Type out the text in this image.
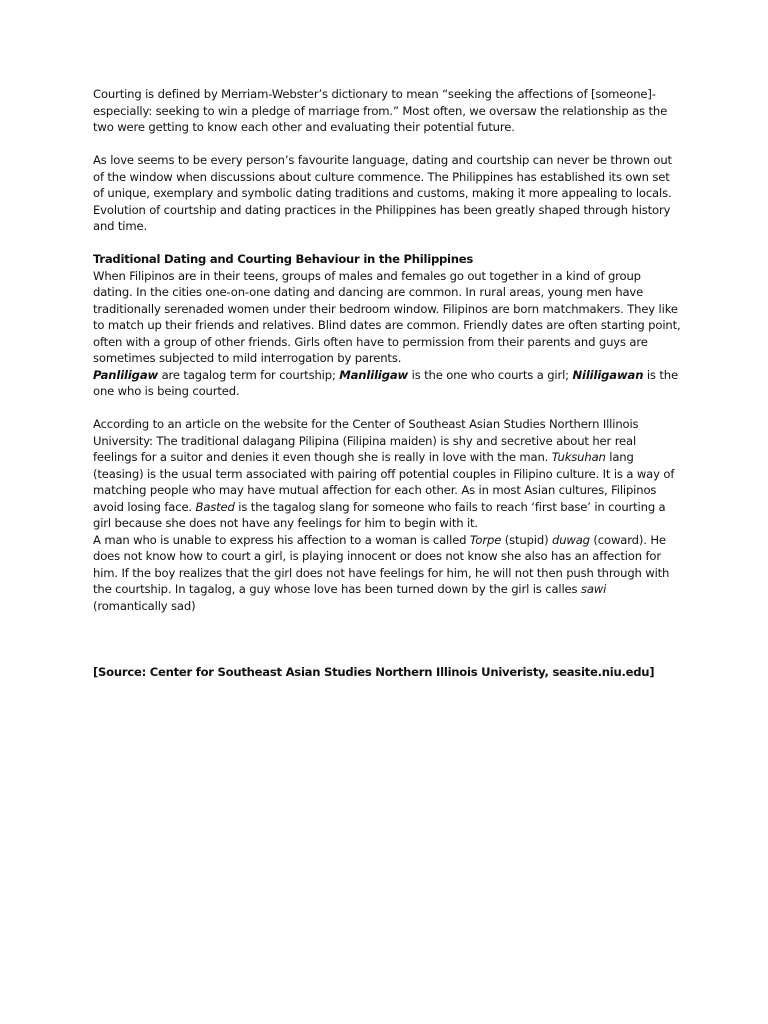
Courting is defined by Merriam-Webster’s dictionary to mean “seeking the affections of [someone]- especially: seeking to win a pledge of marriage from.” Most often, we oversaw the relationship as the two were getting to know each other and evaluating their potential future.

As love seems to be every person’s favourite language, dating and courtship can never be thrown out of the window when discussions about culture commence. The Philippines has established its own set of unique, exemplary and symbolic dating traditions and customs, making it more appealing to locals.

Evolution of courtship and dating practices in the Philippines has been greatly shaped through history and time.

Traditional Dating and Courting Behaviour in the Philippines

When Filipinos are in their teens, groups of males and females go out together in a kind of group dating. In the cities one-on-one dating and dancing are common. In rural areas, young men have traditionally serenaded women under their bedroom window. Filipinos are born matchmakers. They like to match up their friends and relatives. Blind dates are common. Friendly dates are often starting point, often with a group of other friends. Girls often have to permission from their parents and guys are sometimes subjected to mild interrogation by parents.

Panliligaw are tagalog term for courtship; Manliligaw is the one who courts a girl; Nililigawan is the one who is being courted.

According to an article on the website for the Center of Southeast Asian Studies Northern Illinois University: The traditional dalagang Pilipina (Filipina maiden) is shy and secretive about her real feelings for a suitor and denies it even though she is really in love with the man. Tuksuhan lang (teasing) is the usual term associated with pairing off potential couples in Filipino culture. It is a way of matching people who may have mutual affection for each other. As in most Asian cultures, Filipinos avoid losing face. Basted is the tagalog slang for someone who fails to reach ‘first base’ in courting a girl because she does not have any feelings for him to begin with it.

A man who is unable to express his affection to a woman is called Torpe (stupid) duwag (coward). He does not know how to court a girl, is playing innocent or does not know she also has an affection for him. If the boy realizes that the girl does not have feelings for him, he will not then push through with the courtship. In tagalog, a guy whose love has been turned down by the girl is calles sawi (romantically sad)

[Source: Center for Southeast Asian Studies Northern Illinois Univeristy, seasite.niu.edu]
